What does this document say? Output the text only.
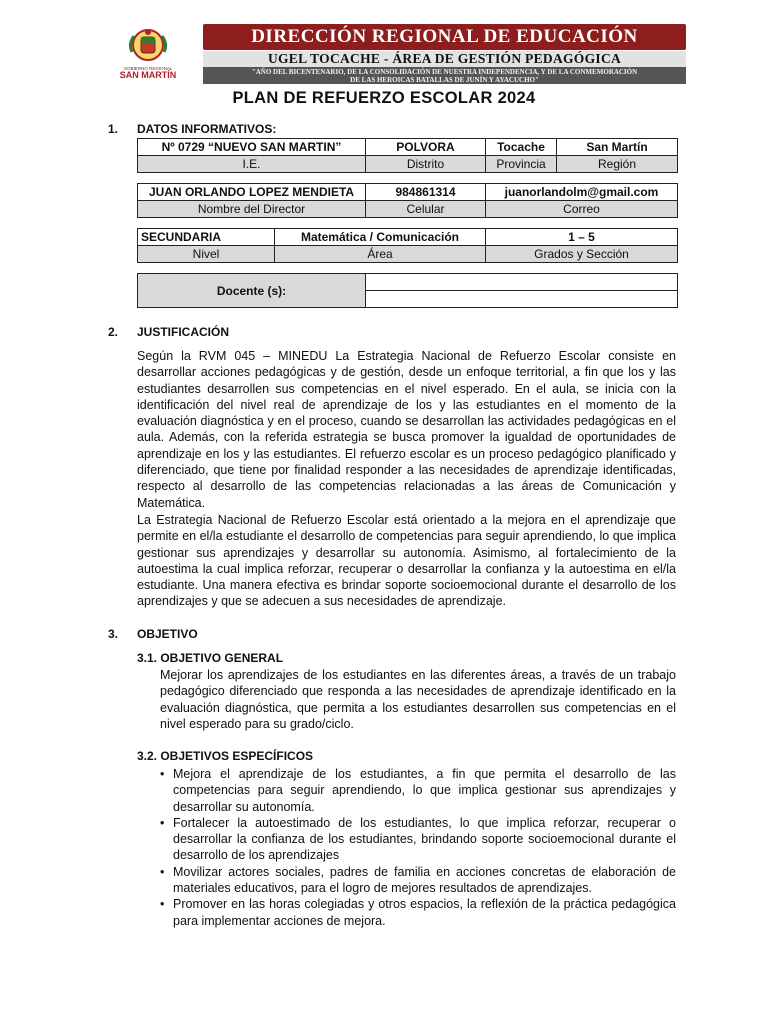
GOBIERNO REGIONAL
SAN MARTÍN
DIRECCIÓN REGIONAL DE EDUCACIÓN
UGEL TOCACHE - ÁREA DE GESTIÓN PEDAGÓGICA
"AÑO DEL BICENTENARIO, DE LA CONSOLIDACIÓN DE NUESTRA INDEPENDENCIA, Y DE LA CONMEMORACIÓN
DE LAS HEROICAS BATALLAS DE JUNÍN Y AYACUCHO"
PLAN DE REFUERZO ESCOLAR 2024
1. DATOS INFORMATIVOS:
Nº 0729 “NUEVO SAN MARTIN”	POLVORA	Tocache	San Martín
I.E.	Distrito	Provincia	Región
JUAN ORLANDO LOPEZ MENDIETA	984861314	juanorlandolm@gmail.com
Nombre del Director	Celular	Correo
SECUNDARIA	Matemática / Comunicación	1 – 5
Nivel	Área	Grados y Sección
Docente (s):	

2. JUSTIFICACIÓN
Según la RVM 045 – MINEDU La Estrategia Nacional de Refuerzo Escolar consiste en desarrollar acciones pedagógicas y de gestión, desde un enfoque territorial, a fin que los y las estudiantes desarrollen sus competencias en el nivel esperado. En el aula, se inicia con la identificación del nivel real de aprendizaje de los y las estudiantes en el momento de la evaluación diagnóstica y en el proceso, cuando se desarrollan las actividades pedagógicas en el aula. Además, con la referida estrategia se busca promover la igualdad de oportunidades de aprendizaje en los y las estudiantes. El refuerzo escolar es un proceso pedagógico planificado y diferenciado, que tiene por finalidad responder a las necesidades de aprendizaje identificadas, respecto al desarrollo de las competencias relacionadas a las áreas de Comunicación y Matemática.
La Estrategia Nacional de Refuerzo Escolar está orientado a la mejora en el aprendizaje que permite en el/la estudiante el desarrollo de competencias para seguir aprendiendo, lo que implica gestionar sus aprendizajes y desarrollar su autonomía. Asimismo, al fortalecimiento de la autoestima la cual implica reforzar, recuperar o desarrollar la confianza y la autoestima en el/la estudiante. Una manera efectiva es brindar soporte socioemocional durante el desarrollo de los aprendizajes y que se adecuen a sus necesidades de aprendizaje.
3. OBJETIVO
3.1. OBJETIVO GENERAL
Mejorar los aprendizajes de los estudiantes en las diferentes áreas, a través de un trabajo pedagógico diferenciado que responda a las necesidades de aprendizaje identificado en la evaluación diagnóstica, que permita a los estudiantes desarrollen sus competencias en el nivel esperado para su grado/ciclo.
3.2. OBJETIVOS ESPECÍFICOS
• Mejora el aprendizaje de los estudiantes, a fin que permita el desarrollo de las competencias para seguir aprendiendo, lo que implica gestionar sus aprendizajes y desarrollar su autonomía.
• Fortalecer la autoestimado de los estudiantes, lo que implica reforzar, recuperar o desarrollar la confianza de los estudiantes, brindando soporte socioemocional durante el desarrollo de los aprendizajes
• Movilizar actores sociales, padres de familia en acciones concretas de elaboración de materiales educativos, para el logro de mejores resultados de aprendizajes.
• Promover en las horas colegiadas y otros espacios, la reflexión de la práctica pedagógica para implementar acciones de mejora.
